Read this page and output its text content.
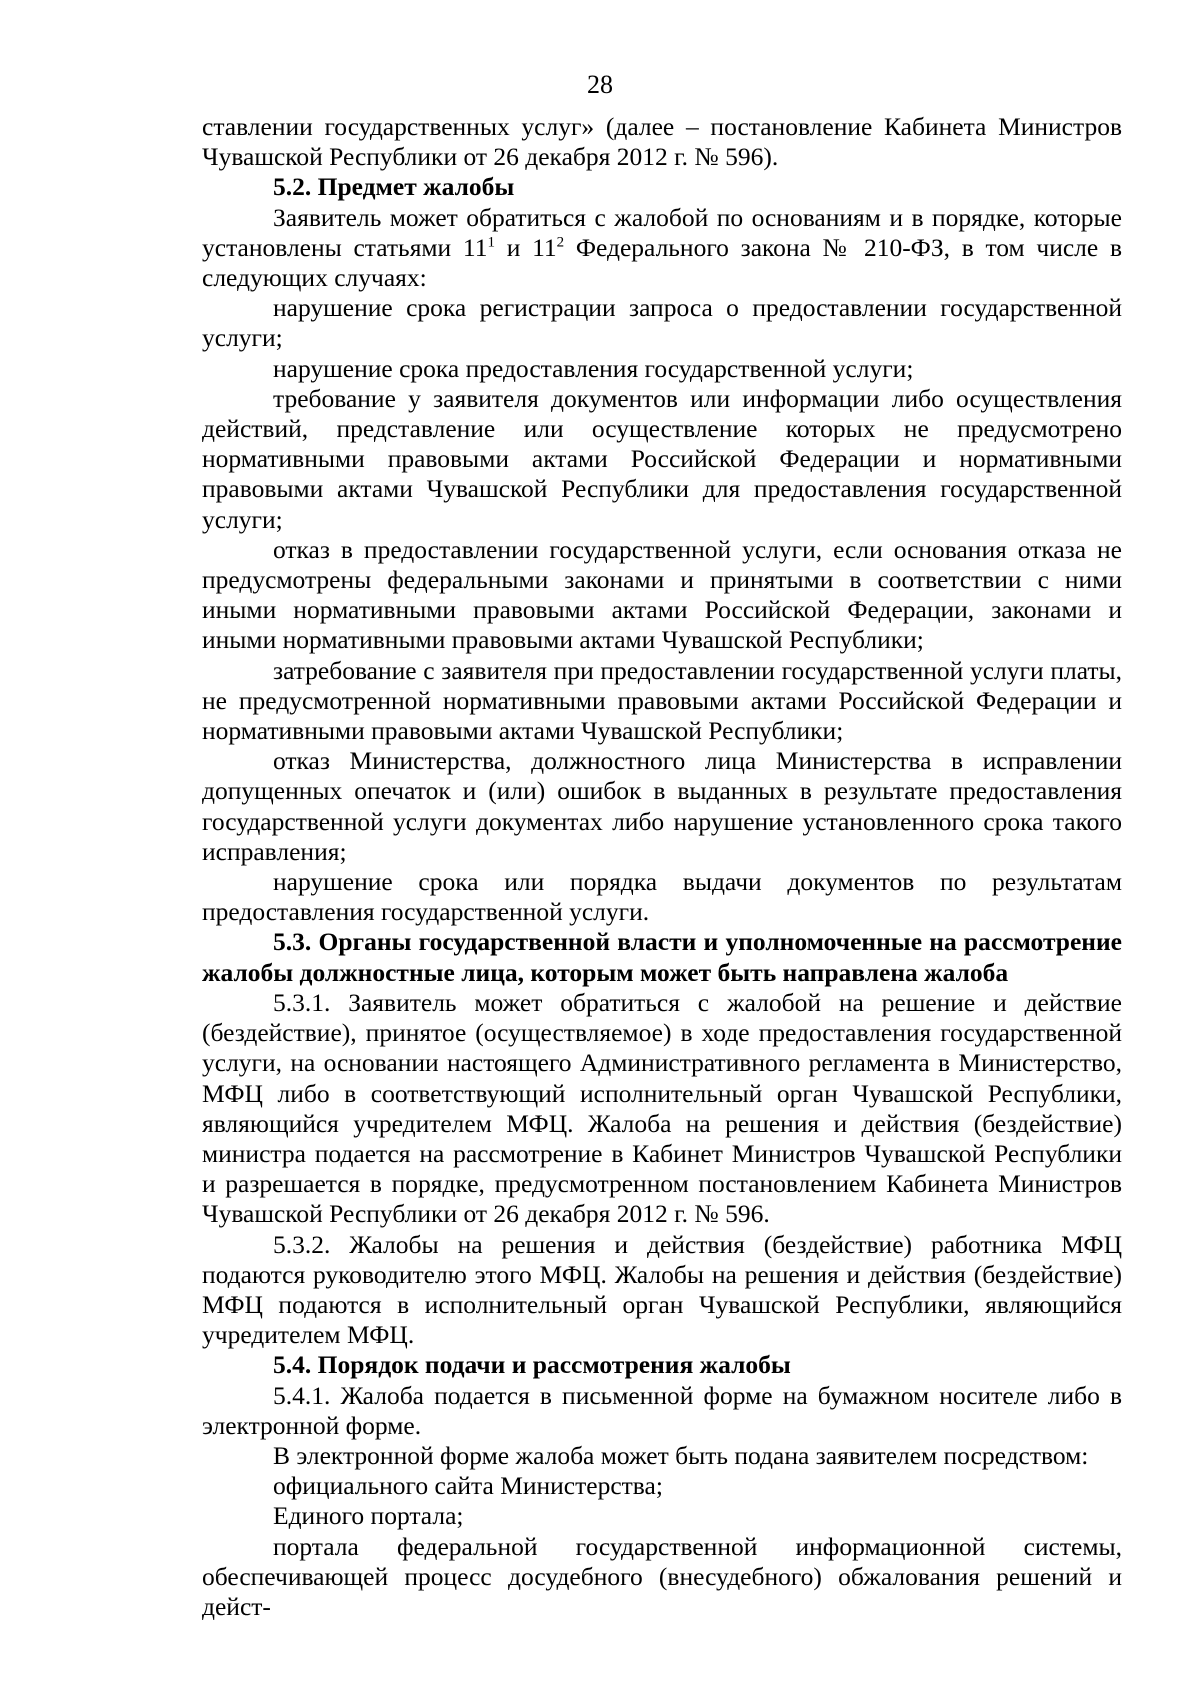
28

ставлении государственных услуг» (далее – постановление Кабинета Министров Чувашской Республики от 26 декабря 2012 г. № 596).

5.2. Предмет жалобы

Заявитель может обратиться с жалобой по основаниям и в порядке, которые установлены статьями $11^1$ и $11^2$ Федерального закона № 210-ФЗ, в том числе в следующих случаях:

нарушение срока регистрации запроса о предоставлении государственной услуги;

нарушение срока предоставления государственной услуги;

требование у заявителя документов или информации либо осуществления действий, представление или осуществление которых не предусмотрено нормативными правовыми актами Российской Федерации и нормативными правовыми актами Чувашской Республики для предоставления государственной услуги;

отказ в предоставлении государственной услуги, если основания отказа не предусмотрены федеральными законами и принятыми в соответствии с ними иными нормативными правовыми актами Российской Федерации, законами и иными нормативными правовыми актами Чувашской Республики;

затребование с заявителя при предоставлении государственной услуги платы, не предусмотренной нормативными правовыми актами Российской Федерации и нормативными правовыми актами Чувашской Республики;

отказ Министерства, должностного лица Министерства в исправлении допущенных опечаток и (или) ошибок в выданных в результате предоставления государственной услуги документах либо нарушение установленного срока такого исправления;

нарушение срока или порядка выдачи документов по результатам предоставления государственной услуги.

5.3. Органы государственной власти и уполномоченные на рассмотрение жалобы должностные лица, которым может быть направлена жалоба

5.3.1. Заявитель может обратиться с жалобой на решение и действие (бездействие), принятое (осуществляемое) в ходе предоставления государственной услуги, на основании настоящего Административного регламента в Министерство, МФЦ либо в соответствующий исполнительный орган Чувашской Республики, являющийся учредителем МФЦ. Жалоба на решения и действия (бездействие) министра подается на рассмотрение в Кабинет Министров Чувашской Республики и разрешается в порядке, предусмотренном постановлением Кабинета Министров Чувашской Республики от 26 декабря 2012 г. № 596.

5.3.2. Жалобы на решения и действия (бездействие) работника МФЦ подаются руководителю этого МФЦ. Жалобы на решения и действия (бездействие) МФЦ подаются в исполнительный орган Чувашской Республики, являющийся учредителем МФЦ.

5.4. Порядок подачи и рассмотрения жалобы

5.4.1. Жалоба подается в письменной форме на бумажном носителе либо в электронной форме.

В электронной форме жалоба может быть подана заявителем посредством:

официального сайта Министерства;

Единого портала;

портала федеральной государственной информационной системы, обеспечивающей процесс досудебного (внесудебного) обжалования решений и дейст-
